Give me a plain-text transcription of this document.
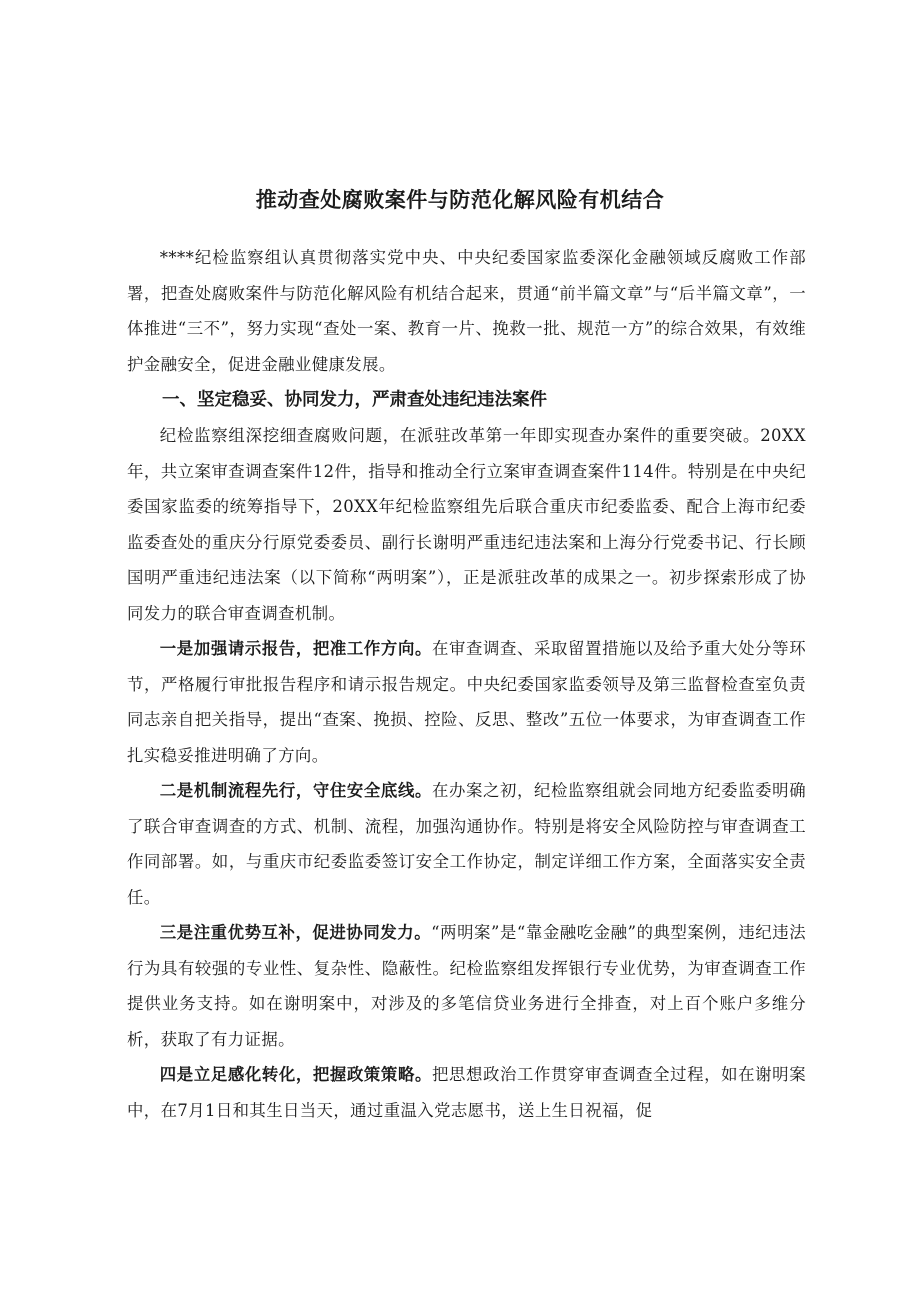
推动查处腐败案件与防范化解风险有机结合

****纪检监察组认真贯彻落实党中央、中央纪委国家监委深化金融领域反腐败工作部署，把查处腐败案件与防范化解风险有机结合起来，贯通“前半篇文章”与“后半篇文章”，一体推进“三不”，努力实现“查处一案、教育一片、挽救一批、规范一方”的综合效果，有效维护金融安全，促进金融业健康发展。

一、坚定稳妥、协同发力，严肃查处违纪违法案件

纪检监察组深挖细查腐败问题，在派驻改革第一年即实现查办案件的重要突破。20XX年，共立案审查调查案件12件，指导和推动全行立案审查调查案件114件。特别是在中央纪委国家监委的统筹指导下，20XX年纪检监察组先后联合重庆市纪委监委、配合上海市纪委监委查处的重庆分行原党委委员、副行长谢明严重违纪违法案和上海分行党委书记、行长顾国明严重违纪违法案（以下简称“两明案”），正是派驻改革的成果之一。初步探索形成了协同发力的联合审查调查机制。

一是加强请示报告，把准工作方向。在审查调查、采取留置措施以及给予重大处分等环节，严格履行审批报告程序和请示报告规定。中央纪委国家监委领导及第三监督检查室负责同志亲自把关指导，提出“查案、挽损、控险、反思、整改”五位一体要求，为审查调查工作扎实稳妥推进明确了方向。

二是机制流程先行，守住安全底线。在办案之初，纪检监察组就会同地方纪委监委明确了联合审查调查的方式、机制、流程，加强沟通协作。特别是将安全风险防控与审查调查工作同部署。如，与重庆市纪委监委签订安全工作协定，制定详细工作方案，全面落实安全责任。

三是注重优势互补，促进协同发力。“两明案”是“靠金融吃金融”的典型案例，违纪违法行为具有较强的专业性、复杂性、隐蔽性。纪检监察组发挥银行专业优势，为审查调查工作提供业务支持。如在谢明案中，对涉及的多笔信贷业务进行全排查，对上百个账户多维分析，获取了有力证据。

四是立足感化转化，把握政策策略。把思想政治工作贯穿审查调查全过程，如在谢明案中，在7月1日和其生日当天，通过重温入党志愿书，送上生日祝福，促
